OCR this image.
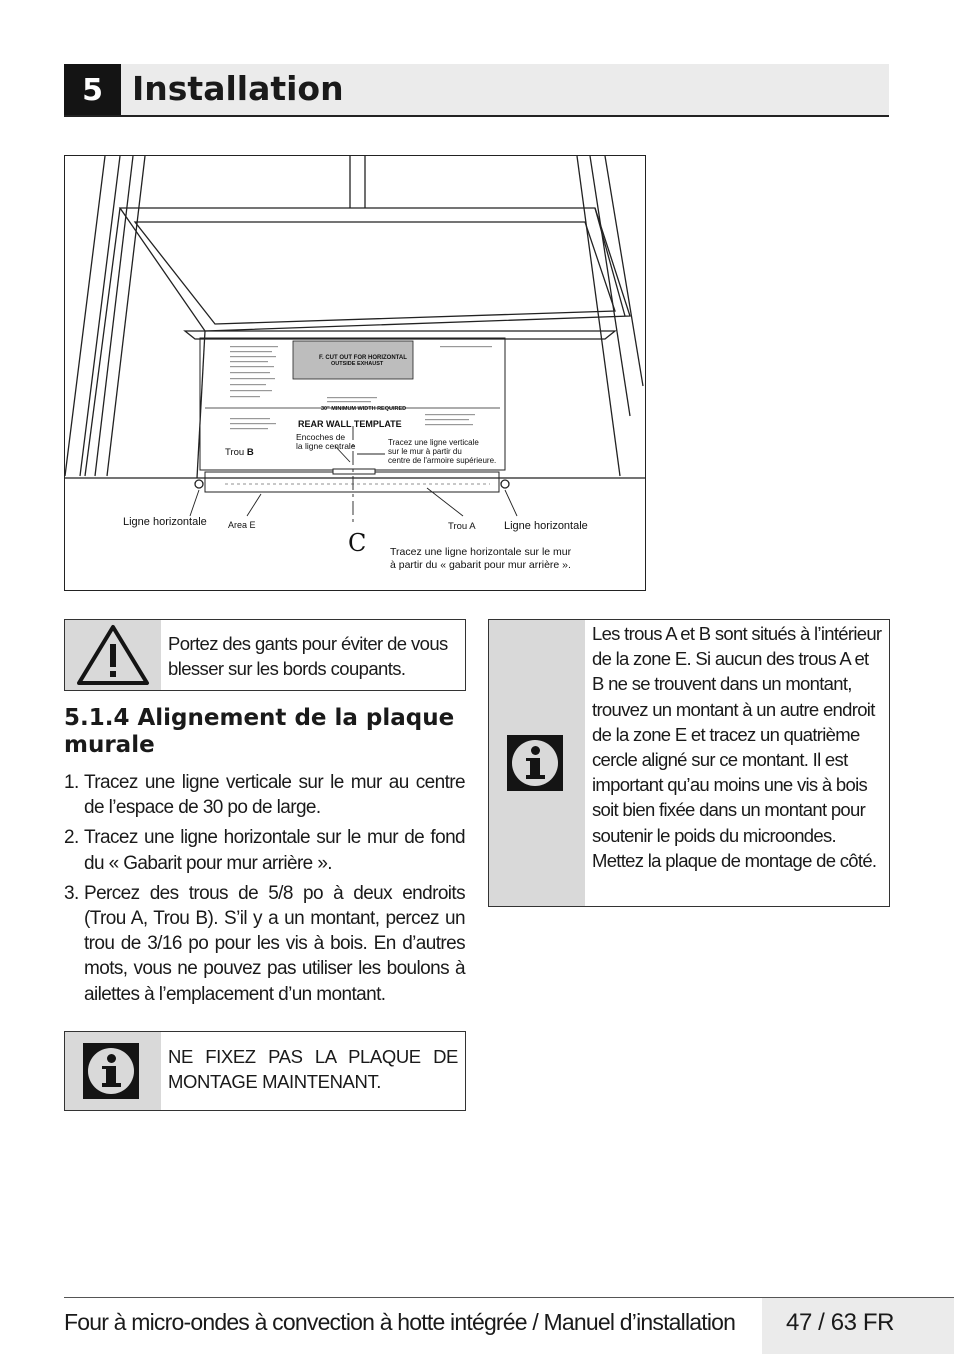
5 Installation
F. CUT OUT FOR HORIZONTAL
OUTSIDE EXHAUST
30" MINIMUM WIDTH REQUIRED
REAR WALL TEMPLATE
Encoches de
la ligne centrale
Trou B
Tracez une ligne verticale
sur le mur à partir du
centre de l'armoire supérieure.
Ligne horizontale Area E	Trou A	Ligne horizontale
C Tracez une ligne horizontale sur le mur
à partir du « gabarit pour mur arrière ».
Portez des gants pour éviter de vous blesser sur les bords coupants.
5.1.4 Alignement de la plaque murale
1. Tracez une ligne verticale sur le mur au centre de l’espace de 30 po de large.
2. Tracez une ligne horizontale sur le mur de fond du « Gabarit pour mur arrière ».
3. Percez des trous de 5/8 po à deux endroits (Trou A, Trou B). S’il y a un montant, percez un trou de 3/16 po pour les vis à bois. En d’autres mots, vous ne pouvez pas utiliser les boulons à ailettes à l’emplacement d’un montant.
NE FIXEZ PAS LA PLAQUE DE MONTAGE MAINTENANT.
Les trous A et B sont situés à l’intérieur de la zone E. Si aucun des trous A et B ne se trouvent dans un montant, trouvez un montant à un autre endroit de la zone E et tracez un quatrième cercle aligné sur ce montant. Il est important qu’au moins une vis à bois soit bien fixée dans un montant pour soutenir le poids du microondes. Mettez la plaque de montage de côté.
Four à micro-ondes à convection à hotte intégrée / Manuel d’installation 47 / 63 FR
